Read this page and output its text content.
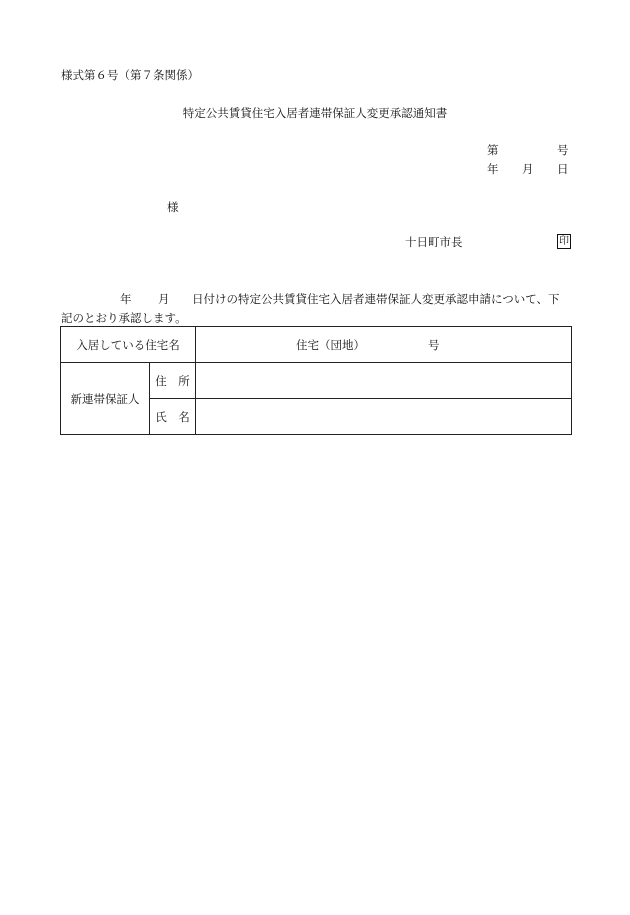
様式第６号（第７条関係）
特定公共賃貸住宅入居者連帯保証人変更承認通知書
第	号
年 月 日
様
十日町市長	印
年 月 日付けの特定公共賃貸住宅入居者連帯保証人変更承認申請について、下
記のとおり承認します。
入居している住宅名		住宅（団地） 号

新連帯保証人	住　所	
	氏　名	
